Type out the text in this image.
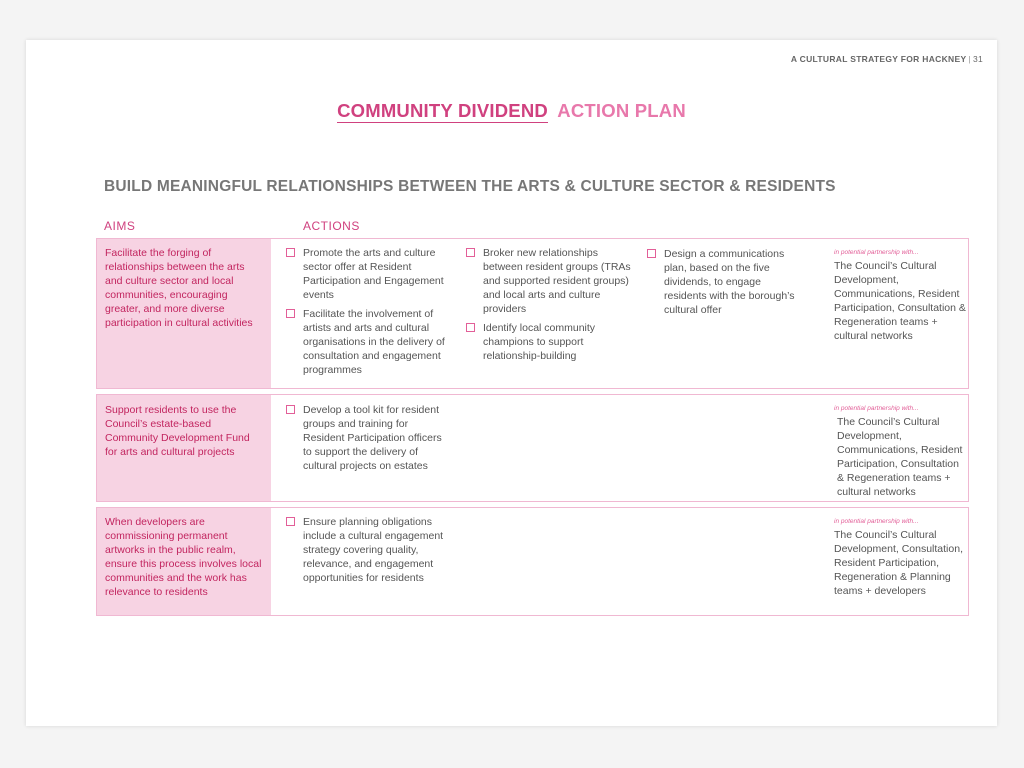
A CULTURAL STRATEGY FOR HACKNEY | 31
COMMUNITY DIVIDEND ACTION PLAN
BUILD MEANINGFUL RELATIONSHIPS BETWEEN THE ARTS & CULTURE SECTOR & RESIDENTS
AIMS	ACTIONS
Facilitate the forging of relationships between the arts and culture sector and local communities, encouraging greater, and more diverse participation in cultural activities
Promote the arts and culture sector offer at Resident Participation and Engagement events
Facilitate the involvement of artists and arts and cultural organisations in the delivery of consultation and engagement programmes
Broker new relationships between resident groups (TRAs and supported resident groups) and local arts and culture providers
Identify local community champions to support relationship-building
Design a communications plan, based on the five dividends, to engage residents with the borough’s cultural offer
in potential partnership with...
The Council’s Cultural Development, Communications, Resident Participation, Consultation & Regeneration teams + cultural networks
Support residents to use the Council’s estate-based Community Development Fund for arts and cultural projects
Develop a tool kit for resident groups and training for Resident Participation officers to support the delivery of cultural projects on estates
in potential partnership with...
The Council’s Cultural Development, Communications, Resident Participation, Consultation & Regeneration teams + cultural networks
When developers are commissioning permanent artworks in the public realm, ensure this process involves local communities and the work has relevance to residents
Ensure planning obligations include a cultural engagement strategy covering quality, relevance, and engagement opportunities for residents
in potential partnership with...
The Council’s Cultural Development, Consultation, Resident Participation, Regeneration & Planning teams + developers
